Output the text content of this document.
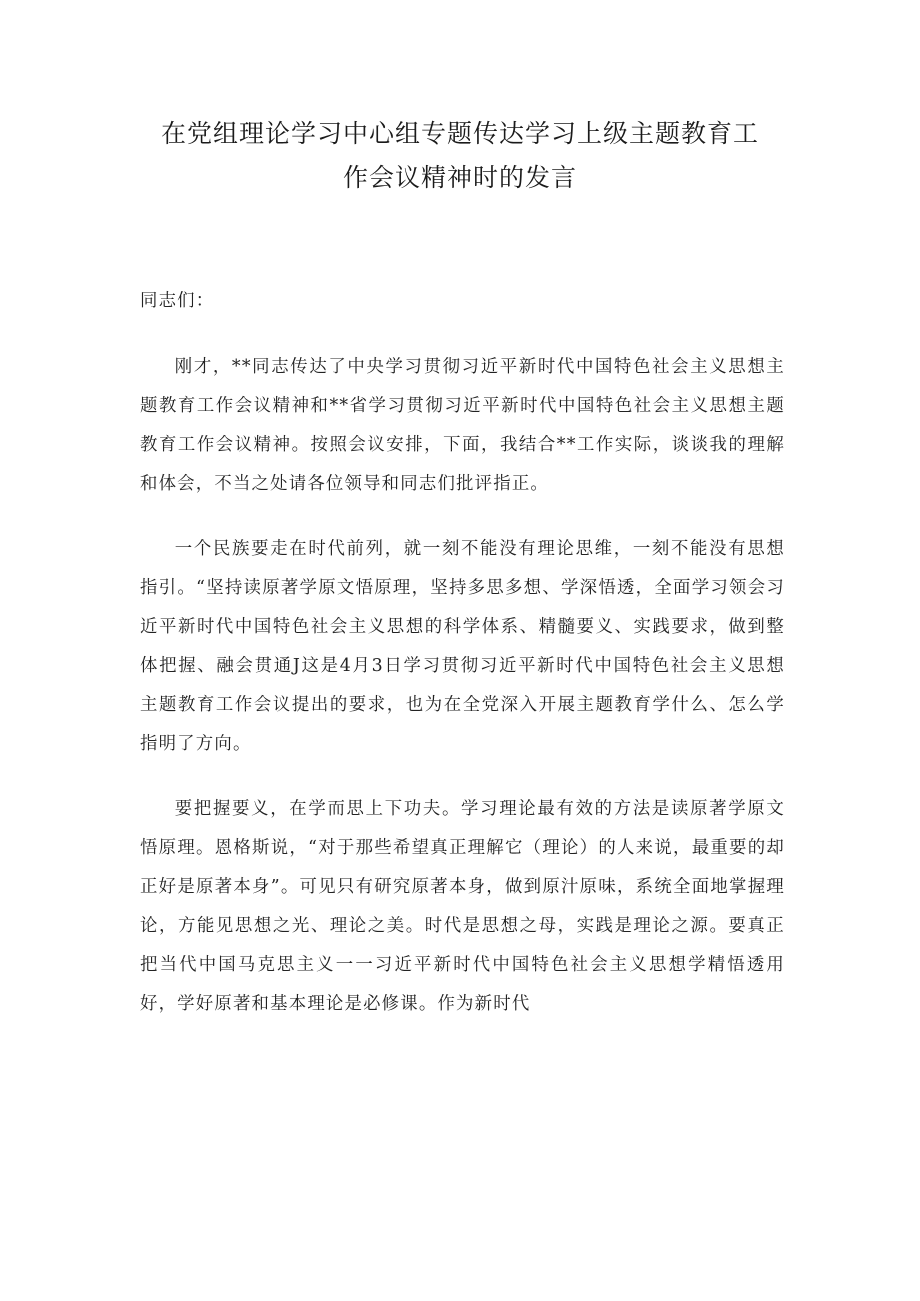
在党组理论学习中心组专题传达学习上级主题教育工
作会议精神时的发言

同志们：

刚才，**同志传达了中央学习贯彻习近平新时代中国特色社会主义思想主题教育工作会议精神和**省学习贯彻习近平新时代中国特色社会主义思想主题教育工作会议精神。按照会议安排，下面，我结合**工作实际，谈谈我的理解和体会，不当之处请各位领导和同志们批评指正。

一个民族要走在时代前列，就一刻不能没有理论思维，一刻不能没有思想指引。“坚持读原著学原文悟原理，坚持多思多想、学深悟透，全面学习领会习近平新时代中国特色社会主义思想的科学体系、精髓要义、实践要求，做到整体把握、融会贯通J这是4月3日学习贯彻习近平新时代中国特色社会主义思想主题教育工作会议提出的要求，也为在全党深入开展主题教育学什么、怎么学指明了方向。

要把握要义，在学而思上下功夫。学习理论最有效的方法是读原著学原文悟原理。恩格斯说，“对于那些希望真正理解它（理论）的人来说，最重要的却正好是原著本身”。可见只有研究原著本身，做到原汁原味，系统全面地掌握理论，方能见思想之光、理论之美。时代是思想之母，实践是理论之源。要真正把当代中国马克思主义一一习近平新时代中国特色社会主义思想学精悟透用好，学好原著和基本理论是必修课。作为新时代
